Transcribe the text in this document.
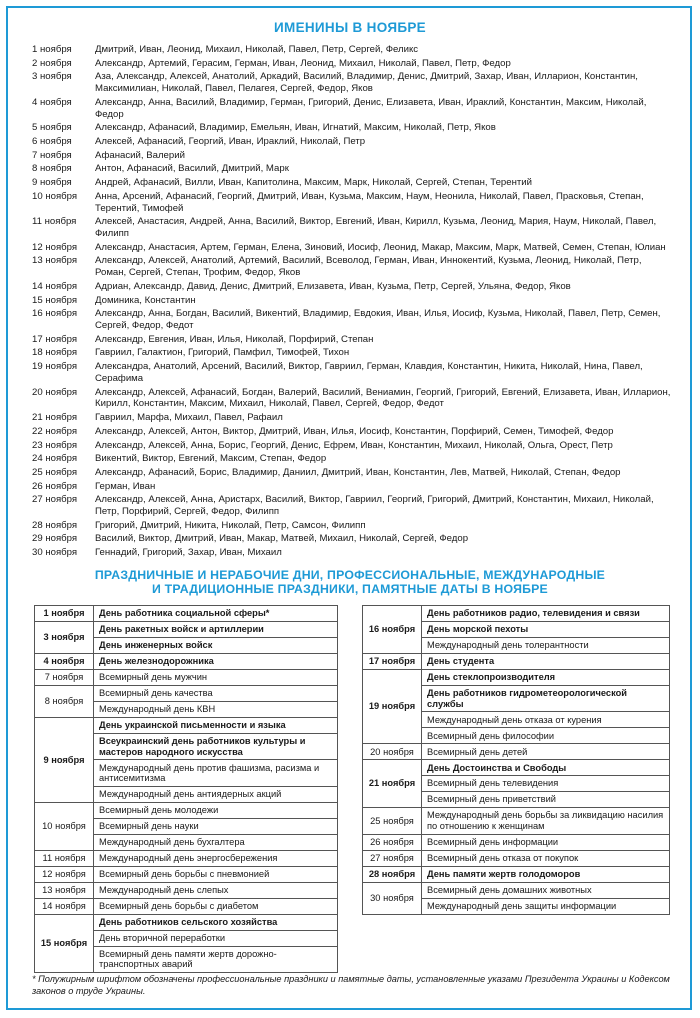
ИМЕНИНЫ В НОЯБРЕ
1 ноября	Дмитрий, Иван, Леонид, Михаил, Николай, Павел, Петр, Сергей, Феликс
2 ноября	Александр, Артемий, Герасим, Герман, Иван, Леонид, Михаил, Николай, Павел, Петр, Федор
3 ноября	Аза, Александр, Алексей, Анатолий, Аркадий, Василий, Владимир, Денис, Дмитрий, Захар, Иван, Илларион, Константин, Максимилиан, Николай, Павел, Пелагея, Сергей, Федор, Яков
4 ноября	Александр, Анна, Василий, Владимир, Герман, Григорий, Денис, Елизавета, Иван, Ираклий, Константин, Максим, Николай, Федор
5 ноября	Александр, Афанасий, Владимир, Емельян, Иван, Игнатий, Максим, Николай, Петр, Яков
6 ноября	Алексей, Афанасий, Георгий, Иван, Ираклий, Николай, Петр
7 ноября	Афанасий, Валерий
8 ноября	Антон, Афанасий, Василий, Дмитрий, Марк
9 ноября	Андрей, Афанасий, Вилли, Иван, Капитолина, Максим, Марк, Николай, Сергей, Степан, Терентий
10 ноября	Анна, Арсений, Афанасий, Георгий, Дмитрий, Иван, Кузьма, Максим, Наум, Неонила, Николай, Павел, Прасковья, Степан, Терентий, Тимофей
11 ноября	Алексей, Анастасия, Андрей, Анна, Василий, Виктор, Евгений, Иван, Кирилл, Кузьма, Леонид, Мария, Наум, Николай, Павел, Филипп
12 ноября	Александр, Анастасия, Артем, Герман, Елена, Зиновий, Иосиф, Леонид, Макар, Максим, Марк, Матвей, Семен, Степан, Юлиан
13 ноября	Александр, Алексей, Анатолий, Артемий, Василий, Всеволод, Герман, Иван, Иннокентий, Кузьма, Леонид, Николай, Петр, Роман, Сергей, Степан, Трофим, Федор, Яков
14 ноября	Адриан, Александр, Давид, Денис, Дмитрий, Елизавета, Иван, Кузьма, Петр, Сергей, Ульяна, Федор, Яков
15 ноября	Доминика, Константин
16 ноября	Александр, Анна, Богдан, Василий, Викентий, Владимир, Евдокия, Иван, Илья, Иосиф, Кузьма, Николай, Павел, Петр, Семен, Сергей, Федор, Федот
17 ноября	Александр, Евгения, Иван, Илья, Николай, Порфирий, Степан
18 ноября	Гавриил, Галактион, Григорий, Памфил, Тимофей, Тихон
19 ноября	Александра, Анатолий, Арсений, Василий, Виктор, Гавриил, Герман, Клавдия, Константин, Никита, Николай, Нина, Павел, Серафима
20 ноября	Александр, Алексей, Афанасий, Богдан, Валерий, Василий, Вениамин, Георгий, Григорий, Евгений, Елизавета, Иван, Илларион, Кирилл, Константин, Максим, Михаил, Николай, Павел, Сергей, Федор, Федот
21 ноября	Гавриил, Марфа, Михаил, Павел, Рафаил
22 ноября	Александр, Алексей, Антон, Виктор, Дмитрий, Иван, Илья, Иосиф, Константин, Порфирий, Семен, Тимофей, Федор
23 ноября	Александр, Алексей, Анна, Борис, Георгий, Денис, Ефрем, Иван, Константин, Михаил, Николай, Ольга, Орест, Петр
24 ноября	Викентий, Виктор, Евгений, Максим, Степан, Федор
25 ноября	Александр, Афанасий, Борис, Владимир, Даниил, Дмитрий, Иван, Константин, Лев, Матвей, Николай, Степан, Федор
26 ноября	Герман, Иван
27 ноября	Александр, Алексей, Анна, Аристарх, Василий, Виктор, Гавриил, Георгий, Григорий, Дмитрий, Константин, Михаил, Николай, Петр, Порфирий, Сергей, Федор, Филипп
28 ноября	Григорий, Дмитрий, Никита, Николай, Петр, Самсон, Филипп
29 ноября	Василий, Виктор, Дмитрий, Иван, Макар, Матвей, Михаил, Николай, Сергей, Федор
30 ноября	Геннадий, Григорий, Захар, Иван, Михаил
ПРАЗДНИЧНЫЕ И НЕРАБОЧИЕ ДНИ, ПРОФЕССИОНАЛЬНЫЕ, МЕЖДУНАРОДНЫЕ
И ТРАДИЦИОННЫЕ ПРАЗДНИКИ, ПАМЯТНЫЕ ДАТЫ В НОЯБРЕ
1 ноября	День работника социальной сферы*
3 ноября	День ракетных войск и артиллерии
	День инженерных войск
4 ноября	День железнодорожника
7 ноября	Всемирный день мужчин
8 ноября	Всемирный день качества
	Международный день КВН
9 ноября	День украинской письменности и языка
	Всеукраинский день работников культуры и мастеров народного искусства
	Международный день против фашизма, расизма и антисемитизма
	Международный день антиядерных акций
10 ноября	Всемирный день молодежи
	Всемирный день науки
	Международный день бухгалтера
11 ноября	Международный день энергосбережения
12 ноября	Всемирный день борьбы с пневмонией
13 ноября	Международный день слепых
14 ноября	Всемирный день борьбы с диабетом
15 ноября	День работников сельского хозяйства
	День вторичной переработки
	Всемирный день памяти жертв дорожно-транспортных аварий
16 ноября	День работников радио, телевидения и связи
	День морской пехоты
	Международный день толерантности
17 ноября	День студента
19 ноября	День стеклопроизводителя
	День работников гидрометеорологической службы
	Международный день отказа от курения
	Всемирный день философии
20 ноября	Всемирный день детей
21 ноября	День Достоинства и Свободы
	Всемирный день телевидения
	Всемирный день приветствий
25 ноября	Международный день борьбы за ликвидацию насилия по отношению к женщинам
26 ноября	Всемирный день информации
27 ноября	Всемирный день отказа от покупок
28 ноября	День памяти жертв голодоморов
30 ноября	Всемирный день домашних животных
	Международный день защиты информации
* Полужирным шрифтом обозначены профессиональные праздники и памятные даты, установленные указами Президента Украины и Кодексом законов о труде Украины.
